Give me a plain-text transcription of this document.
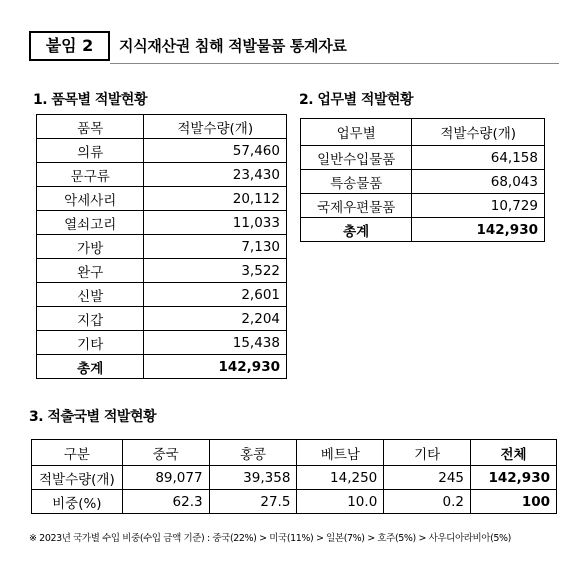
붙임 2	지식재산권 침해 적발물품 통계자료
1. 품목별 적발현황
품목	적발수량(개)
의류	57,460
문구류	23,430
악세사리	20,112
열쇠고리	11,033
가방	7,130
완구	3,522
신발	2,601
지갑	2,204
기타	15,438
총계	142,930
2. 업무별 적발현황
업무별	적발수량(개)
일반수입물품	64,158
특송물품	68,043
국제우편물품	10,729
총계	142,930
3. 적출국별 적발현황
구분	중국	홍콩	베트남	기타	전체
적발수량(개)	89,077	39,358	14,250	245	142,930
비중(%)	62.3	27.5	10.0	0.2	100
※ 2023년 국가별 수입 비중(수입 금액 기준) : 중국(22%) > 미국(11%) > 일본(7%) > 호주(5%) > 사우디아라비아(5%)
